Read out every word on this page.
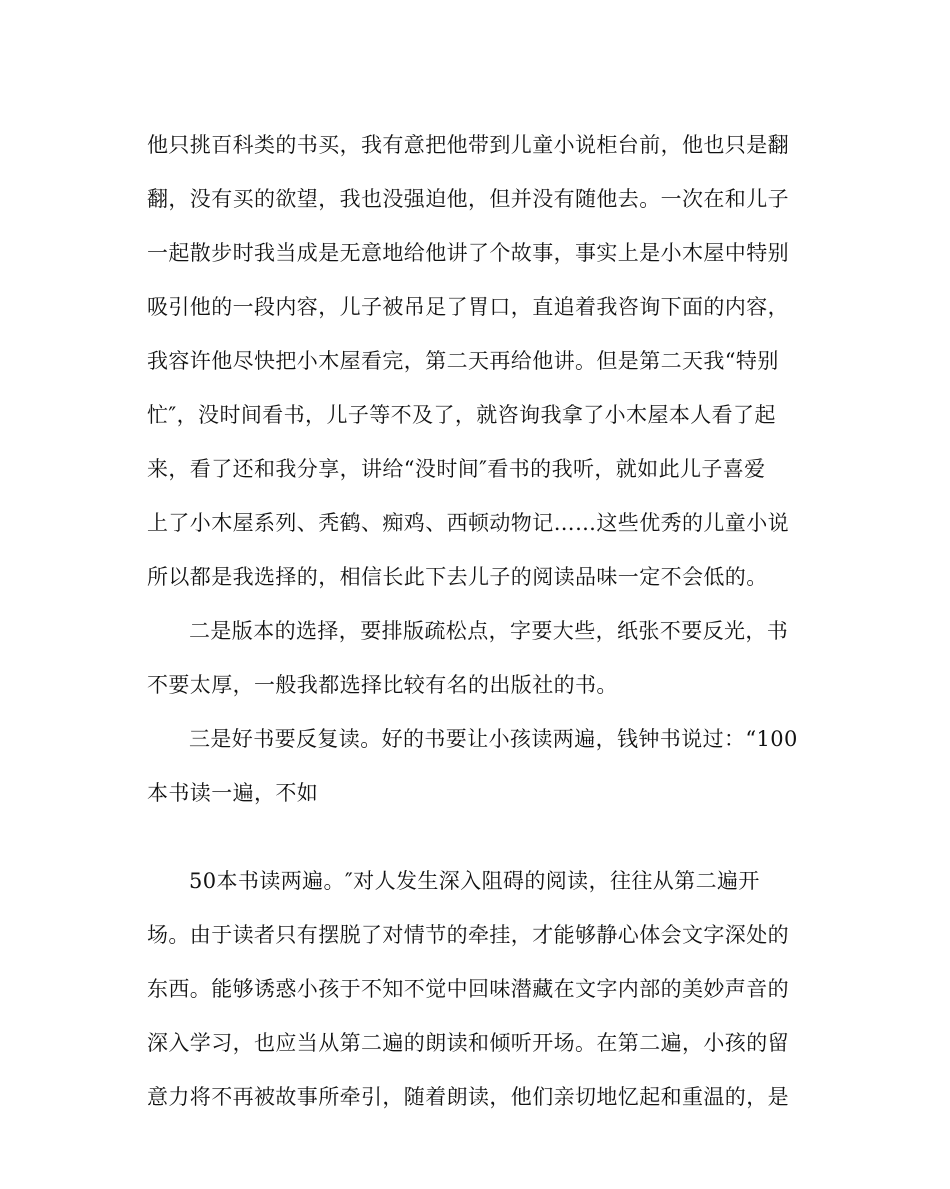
他只挑百科类的书买，我有意把他带到儿童小说柜台前，他也只是翻
翻，没有买的欲望，我也没强迫他，但并没有随他去。一次在和儿子
一起散步时我当成是无意地给他讲了个故事，事实上是小木屋中特别
吸引他的一段内容，儿子被吊足了胃口，直追着我咨询下面的内容，
我容许他尽快把小木屋看完，第二天再给他讲。但是第二天我“特别
忙″，没时间看书，儿子等不及了，就咨询我拿了小木屋本人看了起
来，看了还和我分享，讲给“没时间″看书的我听，就如此儿子喜爱
上了小木屋系列、秃鹤、痴鸡、西顿动物记……这些优秀的儿童小说
所以都是我选择的，相信长此下去儿子的阅读品味一定不会低的。
二是版本的选择，要排版疏松点，字要大些，纸张不要反光，书
不要太厚，一般我都选择比较有名的出版社的书。
三是好书要反复读。好的书要让小孩读两遍，钱钟书说过：“100
本书读一遍，不如
50本书读两遍。″对人发生深入阻碍的阅读，往往从第二遍开
场。由于读者只有摆脱了对情节的牵挂，才能够静心体会文字深处的
东西。能够诱惑小孩于不知不觉中回味潜藏在文字内部的美妙声音的
深入学习，也应当从第二遍的朗读和倾听开场。在第二遍，小孩的留
意力将不再被故事所牵引，随着朗读，他们亲切地忆起和重温的，是
